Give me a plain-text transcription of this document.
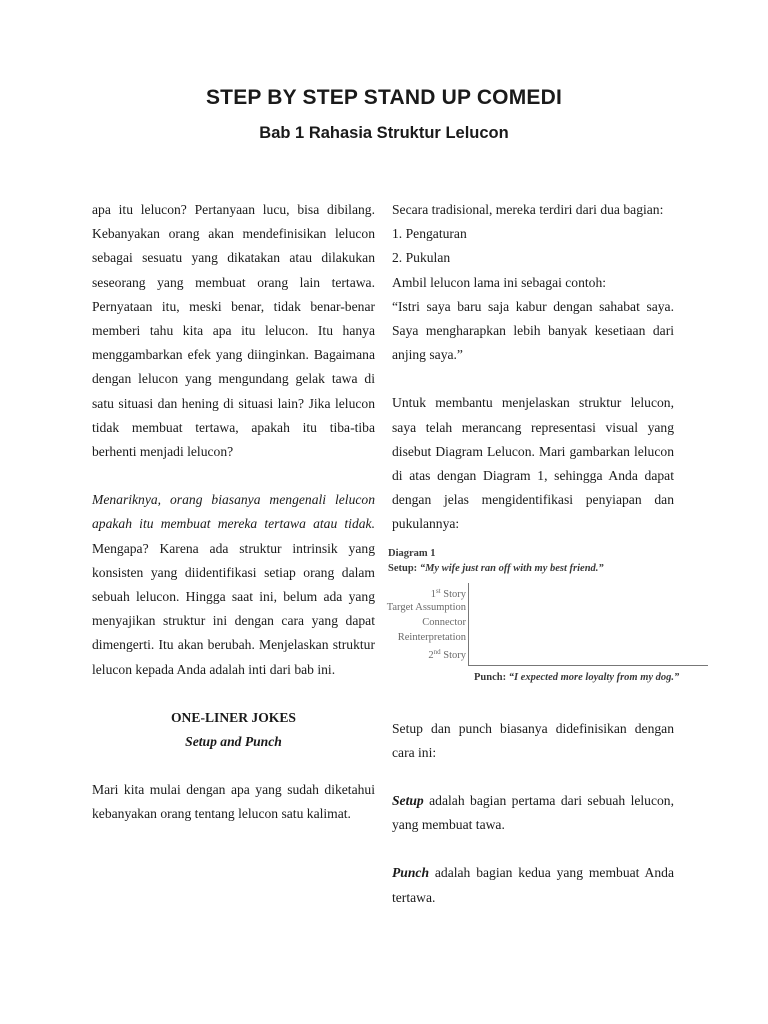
STEP BY STEP STAND UP COMEDI
Bab 1 Rahasia Struktur Lelucon

apa itu lelucon? Pertanyaan lucu, bisa dibilang. Kebanyakan orang akan mendefinisikan lelucon sebagai sesuatu yang dikatakan atau dilakukan seseorang yang membuat orang lain tertawa. Pernyataan itu, meski benar, tidak benar-benar memberi tahu kita apa itu lelucon. Itu hanya menggambarkan efek yang diinginkan. Bagaimana dengan lelucon yang mengundang gelak tawa di satu situasi dan hening di situasi lain? Jika lelucon tidak membuat tertawa, apakah itu tiba-tiba berhenti menjadi lelucon?

Menariknya, orang biasanya mengenali lelucon apakah itu membuat mereka tertawa atau tidak. Mengapa? Karena ada struktur intrinsik yang konsisten yang diidentifikasi setiap orang dalam sebuah lelucon. Hingga saat ini, belum ada yang menyajikan struktur ini dengan cara yang dapat dimengerti. Itu akan berubah. Menjelaskan struktur lelucon kepada Anda adalah inti dari bab ini.

ONE-LINER JOKES

Setup and Punch

Mari kita mulai dengan apa yang sudah diketahui kebanyakan orang tentang lelucon satu kalimat.

Secara tradisional, mereka terdiri dari dua bagian:

1. Pengaturan

2. Pukulan

Ambil lelucon lama ini sebagai contoh:

“Istri saya baru saja kabur dengan sahabat saya. Saya mengharapkan lebih banyak kesetiaan dari anjing saya.”

Untuk membantu menjelaskan struktur lelucon, saya telah merancang representasi visual yang disebut Diagram Lelucon. Mari gambarkan lelucon di atas dengan Diagram 1, sehingga Anda dapat dengan jelas mengidentifikasi penyiapan dan pukulannya:

Diagram 1
Setup: “My wife just ran off with my best friend.”
1st Story
Target Assumption
Connector
Reinterpretation
2nd Story
Punch: “I expected more loyalty from my dog.”

Setup dan punch biasanya didefinisikan dengan cara ini:

Setup adalah bagian pertama dari sebuah lelucon, yang membuat tawa.

Punch adalah bagian kedua yang membuat Anda tertawa.
